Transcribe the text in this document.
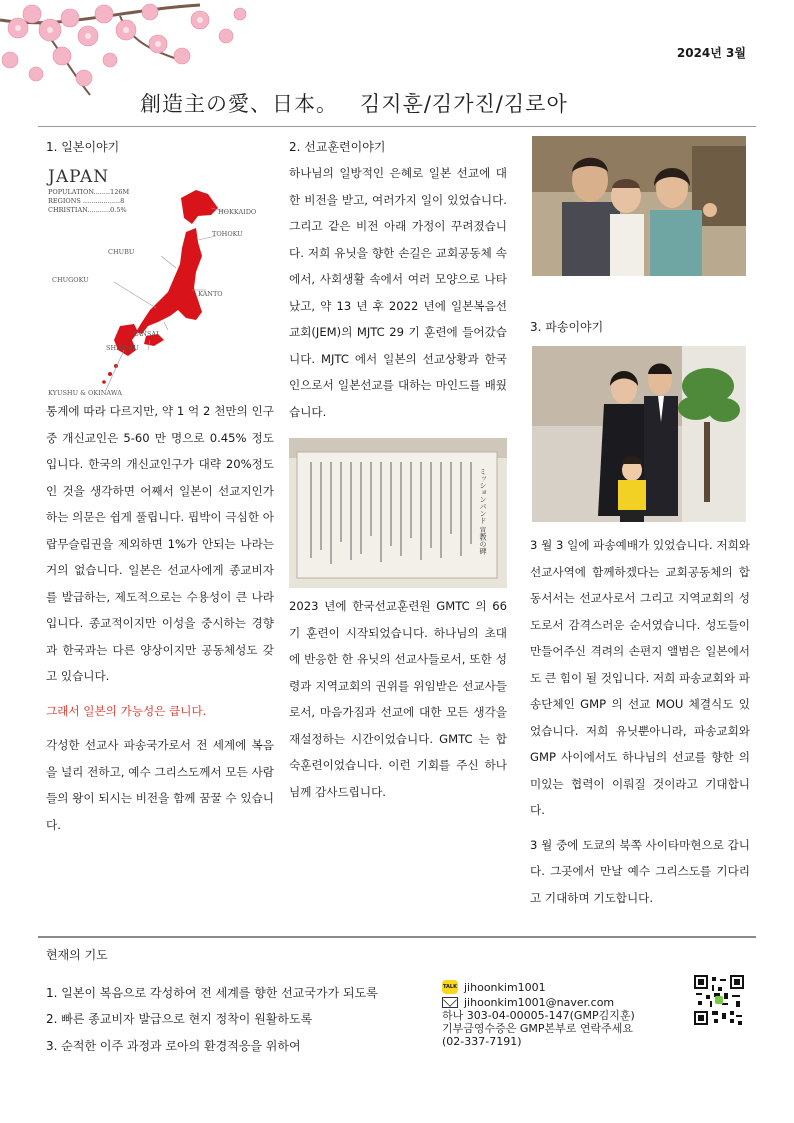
2024년 3월
創造主の愛、日本。 김지훈/김가진/김로아
1. 일본이야기
JAPAN
POPULATION........126M
REGIONS ..................8
CHRISTIAN...........0.5%	HOKKAIDO
TOHOKU
CHUBU
CHUGOKU
KANTO
KANSAI
SHIKOKU
KYUSHU & OKINAWA

통계에 따라 다르지만, 약 1 억 2 천만의 인구 중 개신교인은 5-60 만 명으로 0.45% 정도입니다. 한국의 개신교인구가 대략 20%정도인 것을 생각하면 어째서 일본이 선교지인가 하는 의문은 쉽게 풀립니다. 핍박이 극심한 아랍무슬림권을 제외하면 1%가 안되는 나라는 거의 없습니다. 일본은 선교사에게 종교비자를 발급하는, 제도적으로는 수용성이 큰 나라입니다. 종교적이지만 이성을 중시하는 경향과 한국과는 다른 양상이지만 공동체성도 갖고 있습니다.

그래서 일본의 가능성은 큽니다.

각성한 선교사 파송국가로서 전 세계에 복음을 널리 전하고, 예수 그리스도께서 모든 사람들의 왕이 되시는 비전을 함께 꿈꿀 수 있습니다.

2. 선교훈련이야기

하나님의 일방적인 은혜로 일본 선교에 대한 비전을 받고, 여러가지 일이 있었습니다. 그리고 같은 비전 아래 가정이 꾸려졌습니다. 저희 유닛을 향한 손길은 교회공동체 속에서, 사회생활 속에서 여러 모양으로 나타났고, 약 13 년 후 2022 년에 일본복음선교회(JEM)의 MJTC 29 기 훈련에 들어갔습니다. MJTC 에서 일본의 선교상황과 한국인으로서 일본선교를 대하는 마인드를 배웠습니다.

2023 년에 한국선교훈련원 GMTC 의 66 기 훈련이 시작되었습니다. 하나님의 초대에 반응한 한 유닛의 선교사들로서, 또한 성령과 지역교회의 권위를 위임받은 선교사들로서, 마음가짐과 선교에 대한 모든 생각을 재설정하는 시간이었습니다. GMTC 는 합숙훈련이었습니다. 이런 기회를 주신 하나님께 감사드립니다.

ミッションパンド 宣教の碑
3. 파송이야기

3 월 3 일에 파송예배가 있었습니다. 저희와 선교사역에 함께하겠다는 교회공동체의 합동서서는 선교사로서 그리고 지역교회의 성도로서 감격스러운 순서였습니다. 성도들이 만들어주신 격려의 손편지 앨범은 일본에서도 큰 힘이 될 것입니다. 저희 파송교회와 파송단체인 GMP 의 선교 MOU 체결식도 있었습니다. 저희 유닛뿐아니라, 파송교회와 GMP 사이에서도 하나님의 선교를 향한 의미있는 협력이 이뤄질 것이라고 기대합니다.

3 월 중에 도쿄의 북쪽 사이타마현으로 갑니다. 그곳에서 만날 예수 그리스도를 기다리고 기대하며 기도합니다.

현재의 기도
1. 일본이 복음으로 각성하여 전 세계를 향한 선교국가가 되도록
2. 빠른 종교비자 발급으로 현지 정착이 원활하도록
3. 순적한 이주 과정과 로아의 환경적응을 위하여
TALK jihoonkim1001
jihoonkim1001@naver.com
하나 303-04-00005-147(GMP김지훈)
기부금영수증은 GMP본부로 연락주세요
(02-337-7191)
